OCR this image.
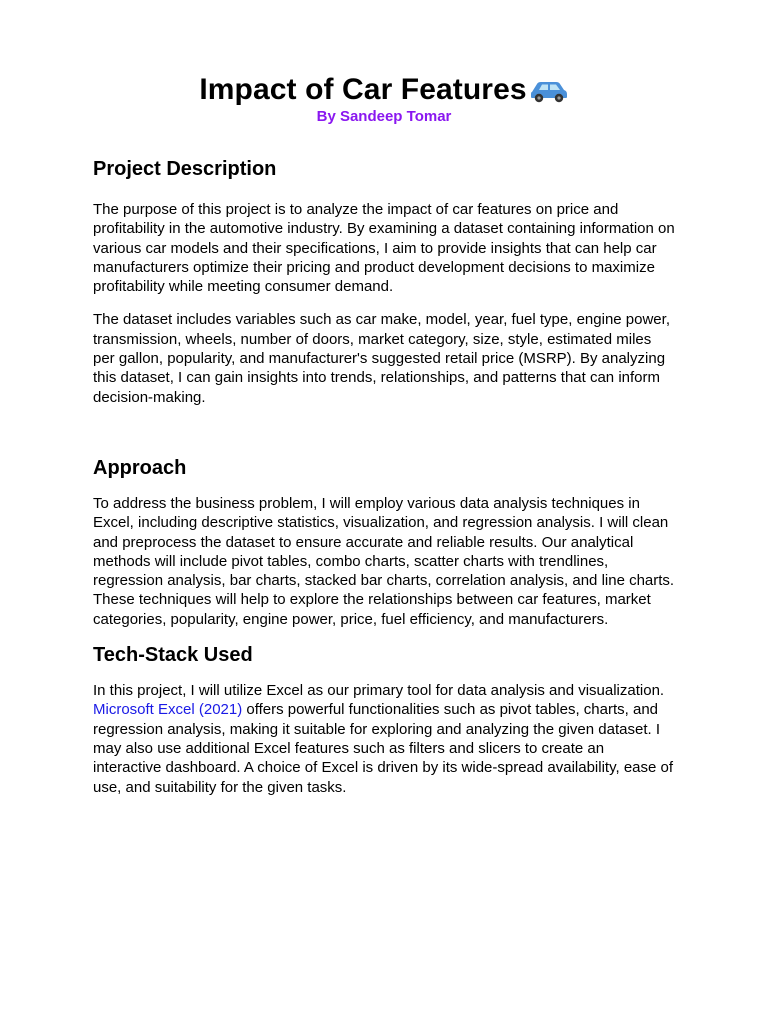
Impact of Car Features
By Sandeep Tomar
Project Description

The purpose of this project is to analyze the impact of car features on price and profitability in the automotive industry. By examining a dataset containing information on various car models and their specifications, I aim to provide insights that can help car manufacturers optimize their pricing and product development decisions to maximize profitability while meeting consumer demand.

The dataset includes variables such as car make, model, year, fuel type, engine power, transmission, wheels, number of doors, market category, size, style, estimated miles per gallon, popularity, and manufacturer's suggested retail price (MSRP). By analyzing this dataset, I can gain insights into trends, relationships, and patterns that can inform decision-making.

Approach

To address the business problem, I will employ various data analysis techniques in Excel, including descriptive statistics, visualization, and regression analysis. I will clean and preprocess the dataset to ensure accurate and reliable results. Our analytical methods will include pivot tables, combo charts, scatter charts with trendlines, regression analysis, bar charts, stacked bar charts, correlation analysis, and line charts. These techniques will help to explore the relationships between car features, market categories, popularity, engine power, price, fuel efficiency, and manufacturers.

Tech-Stack Used

In this project, I will utilize Excel as our primary tool for data analysis and visualization. Microsoft Excel (2021) offers powerful functionalities such as pivot tables, charts, and regression analysis, making it suitable for exploring and analyzing the given dataset. I may also use additional Excel features such as filters and slicers to create an interactive dashboard. A choice of Excel is driven by its wide-spread availability, ease of use, and suitability for the given tasks.
